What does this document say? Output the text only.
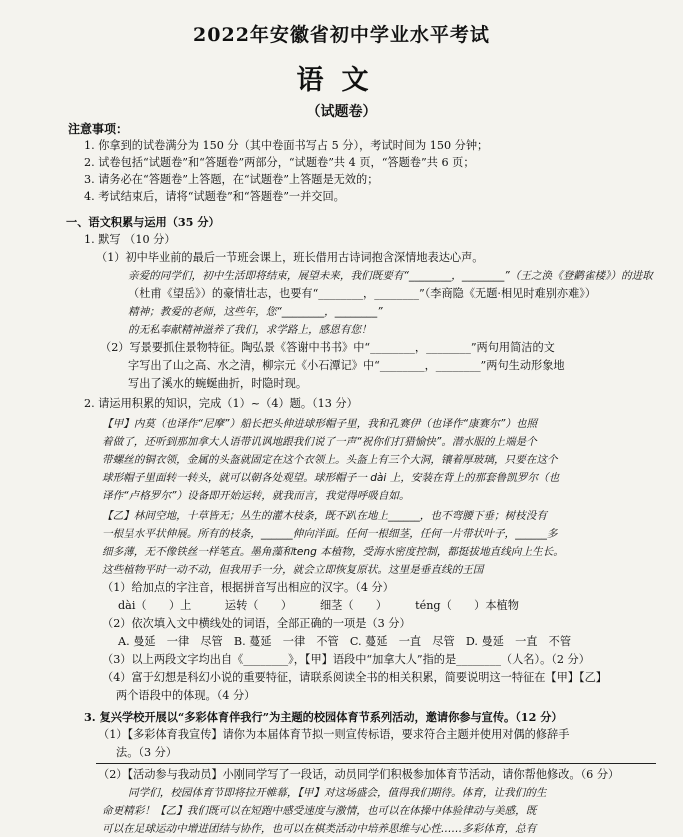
2022年安徽省初中学业水平考试
语文
（试题卷）
注意事项：
1. 你拿到的试卷满分为 150 分（其中卷面书写占 5 分），考试时间为 150 分钟；
2. 试卷包括“试题卷”和“答题卷”两部分，“试题卷”共 4 页，“答题卷”共 6 页；
3. 请务必在“答题卷”上答题，在“试题卷”上答题是无效的；
4. 考试结束后，请将“试题卷”和“答题卷”一并交回。
一、语文积累与运用（35 分）
1. 默写 （10 分）
（1）初中毕业前的最后一节班会课上，班长借用古诗词抱含深情地表达心声。
亲爱的同学们，初中生活即将结束，展望未来，我们既要有“________，________”（王之涣《登鹳雀楼》）的进取
（杜甫《望岳》）的豪情壮志，也要有“________，________”（李商隐《无题·相见时难别亦难》）
精神；教爱的老师，这些年，您“________，________”
的无私奉献精神滋养了我们，求学路上，感恩有您！
（2）写景要抓住景物特征。陶弘景《答谢中书书》中“________，________”两句用简洁的文
字写出了山之高、水之清，柳宗元《小石潭记》中“________，________”两句生动形象地
写出了溪水的蜿蜒曲折，时隐时现。
2. 请运用积累的知识，完成（1）~（4）题。（13 分）
【甲】内莫（也译作“尼摩”）船长把头伸进球形帽子里，我和孔赛伊（也译作“康赛尔”）也照
着做了，还听到那加拿大人语带讥讽地跟我们说了一声“祝你们打猎愉快”。潜水服的上端是个
带螺丝的铜衣领，金属的头盔就固定在这个衣领上。头盔上有三个大洞，镶着厚玻璃，只要在这个
球形帽子里面转一转头，就可以朝各处观望。球形帽子一 dài 上，安装在背上的那套鲁凯罗尔（也
译作“卢格罗尔”）设备即开始运转，就我而言，我觉得呼吸自如。
【乙】林间空地，十草皆无；丛生的灌木枝条，既不趴在地上______，也不弯腰下垂；树枝没有
一根呈水平状伸展。所有的枝条，______伸向洋面。任何一根细茎，任何一片带状叶子，______多
细多薄，无不像铁丝一样笔直。墨角藻和teng 本植物，受海水密度控制，都挺拔地直线向上生长。
这些植物平时一动不动，但我用手一分，就会立即恢复原状。这里是垂直线的王国
（1）给加点的字注音，根据拼音写出相应的汉字。（4 分）
dài（　　）上　　　运转（　　）　　　细茎（　　）　　　téng（　　）本植物
（2）依次填入文中横线处的词语，全部正确的一项是（3 分）
A. 曼延　一律　尽管　B. 蔓延　一律　不管　C. 蔓延　一直　尽管　D. 曼延　一直　不管
（3）以上两段文字均出自《________》，【甲】语段中“加拿大人”指的是________（人名）。（2 分）
（4）富于幻想是科幻小说的重要特征，请联系阅读全书的相关积累，简要说明这一特征在【甲】【乙】
两个语段中的体现。（4 分）
3. 复兴学校开展以“多彩体育伴我行”为主题的校园体育节系列活动，邀请你参与宣传。（12 分）
（1）【多彩体育我宣传】请你为本届体育节拟一则宣传标语，要求符合主题并使用对偶的修辞手
法。（3 分）
（2）【活动参与我动员】小刚同学写了一段话，动员同学们积极参加体育节活动，请你帮他修改。（6 分）
同学们，校园体育节即将拉开帷幕，【甲】对这场盛会，值得我们期待。体育，让我们的生
命更精彩！【乙】我们既可以在短跑中感受速度与激情，也可以在体操中体验律动与美感，既
可以在足球运动中增进团结与协作，也可以在棋类活动中培养思维与心性……多彩体育，总有
